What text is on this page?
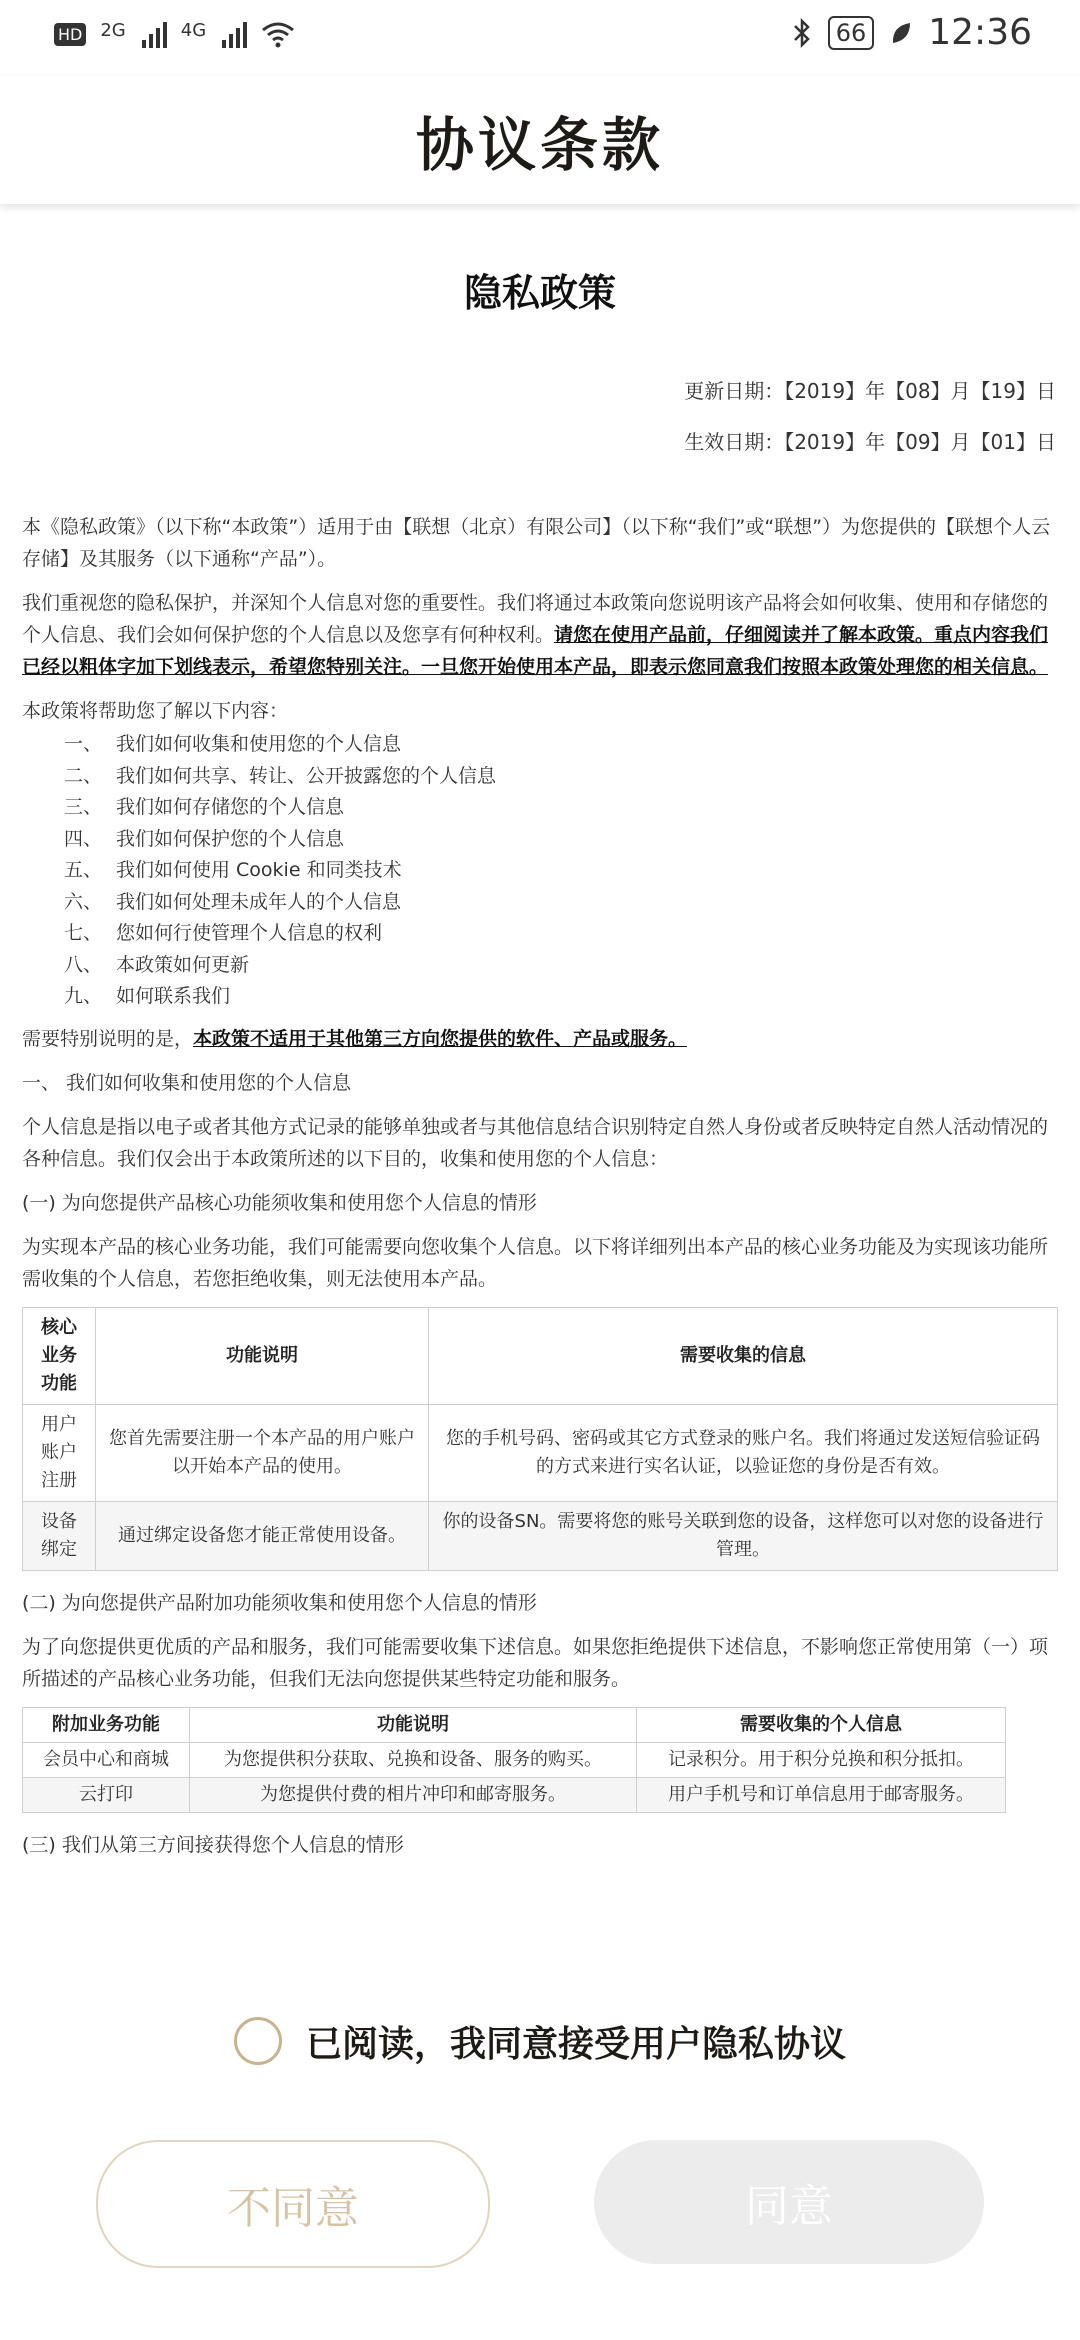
HD 2G	4G	66 12:36
协议条款
隐私政策
更新日期：【2019】年【08】月【19】日
生效日期：【2019】年【09】月【01】日

本《隐私政策》（以下称“本政策”）适用于由【联想（北京）有限公司】（以下称“我们”或“联想”）为您提供的【联想个人云存储】及其服务（以下通称“产品”）。

我们重视您的隐私保护，并深知个人信息对您的重要性。我们将通过本政策向您说明该产品将会如何收集、使用和存储您的个人信息、我们会如何保护您的个人信息以及您享有何种权利。请您在使用产品前，仔细阅读并了解本政策。重点内容我们已经以粗体字加下划线表示，希望您特别关注。一旦您开始使用本产品，即表示您同意我们按照本政策处理您的相关信息。

本政策将帮助您了解以下内容：

一、 我们如何收集和使用您的个人信息
二、 我们如何共享、转让、公开披露您的个人信息
三、 我们如何存储您的个人信息
四、 我们如何保护您的个人信息
五、 我们如何使用 Cookie 和同类技术
六、 我们如何处理未成年人的个人信息
七、 您如何行使管理个人信息的权利
八、 本政策如何更新
九、 如何联系我们

需要特别说明的是，本政策不适用于其他第三方向您提供的软件、产品或服务。

一、 我们如何收集和使用您的个人信息

个人信息是指以电子或者其他方式记录的能够单独或者与其他信息结合识别特定自然人身份或者反映特定自然人活动情况的各种信息。我们仅会出于本政策所述的以下目的，收集和使用您的个人信息：

(一) 为向您提供产品核心功能须收集和使用您个人信息的情形

为实现本产品的核心业务功能，我们可能需要向您收集个人信息。以下将详细列出本产品的核心业务功能及为实现该功能所需收集的个人信息，若您拒绝收集，则无法使用本产品。

核心业务功能	功能说明	需要收集的信息
用户账户注册	您首先需要注册一个本产品的用户账户以开始本产品的使用。	您的手机号码、密码或其它方式登录的账户名。我们将通过发送短信验证码的方式来进行实名认证，以验证您的身份是否有效。
设备绑定	通过绑定设备您才能正常使用设备。	你的设备SN。需要将您的账号关联到您的设备，这样您可以对您的设备进行管理。

(二) 为向您提供产品附加功能须收集和使用您个人信息的情形

为了向您提供更优质的产品和服务，我们可能需要收集下述信息。如果您拒绝提供下述信息，不影响您正常使用第（一）项所描述的产品核心业务功能，但我们无法向您提供某些特定功能和服务。

附加业务功能	功能说明	需要收集的个人信息
会员中心和商城	为您提供积分获取、兑换和设备、服务的购买。	记录积分。用于积分兑换和积分抵扣。
云打印	为您提供付费的相片冲印和邮寄服务。	用户手机号和订单信息用于邮寄服务。

(三) 我们从第三方间接获得您个人信息的情形

已阅读，我同意接受用户隐私协议
不同意	同意
